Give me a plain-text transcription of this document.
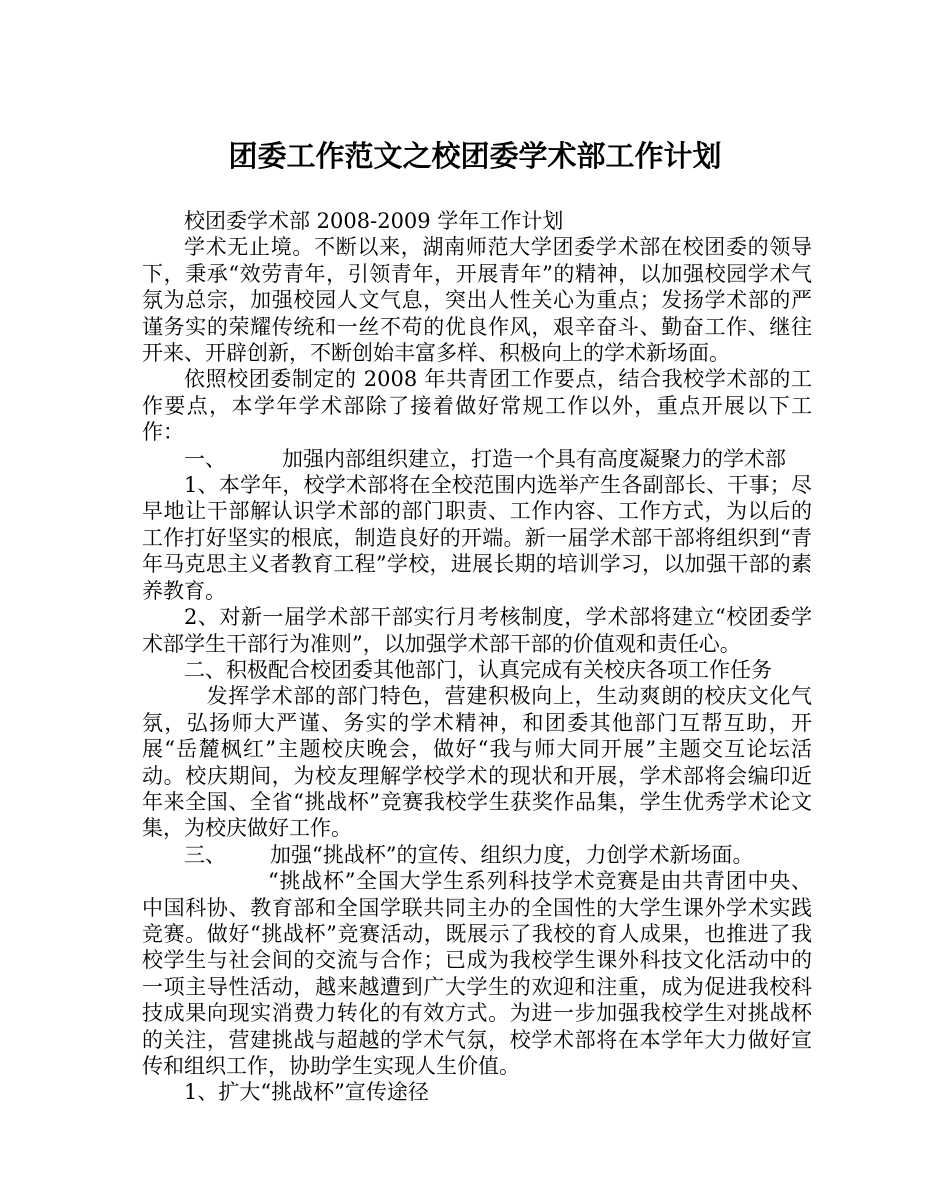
团委工作范文之校团委学术部工作计划

校团委学术部 2008-2009 学年工作计划

学术无止境。不断以来，湖南师范大学团委学术部在校团委的领导下，秉承“效劳青年，引领青年，开展青年”的精神，以加强校园学术气氛为总宗，加强校园人文气息，突出人性关心为重点；发扬学术部的严谨务实的荣耀传统和一丝不苟的优良作风，艰辛奋斗、勤奋工作、继往开来、开辟创新，不断创始丰富多样、积极向上的学术新场面。

依照校团委制定的 2008 年共青团工作要点，结合我校学术部的工作要点，本学年学术部除了接着做好常规工作以外，重点开展以下工作：

一、	加强内部组织建立，打造一个具有高度凝聚力的学术部

1、本学年，校学术部将在全校范围内选举产生各副部长、干事；尽早地让干部解认识学术部的部门职责、工作内容、工作方式，为以后的工作打好坚实的根底，制造良好的开端。新一届学术部干部将组织到“青年马克思主义者教育工程”学校，进展长期的培训学习，以加强干部的素养教育。

2、对新一届学术部干部实行月考核制度，学术部将建立“校团委学术部学生干部行为准则”，以加强学术部干部的价值观和责任心。

二、积极配合校团委其他部门，认真完成有关校庆各项工作任务

发挥学术部的部门特色，营建积极向上，生动爽朗的校庆文化气氛，弘扬师大严谨、务实的学术精神，和团委其他部门互帮互助，开展“岳麓枫红”主题校庆晚会，做好“我与师大同开展”主题交互论坛活动。校庆期间，为校友理解学校学术的现状和开展，学术部将会编印近年来全国、全省“挑战杯”竞赛我校学生获奖作品集，学生优秀学术论文集，为校庆做好工作。

三、 加强“挑战杯”的宣传、组织力度，力创学术新场面。

“挑战杯”全国大学生系列科技学术竞赛是由共青团中央、中国科协、教育部和全国学联共同主办的全国性的大学生课外学术实践竞赛。做好“挑战杯”竞赛活动，既展示了我校的育人成果，也推进了我校学生与社会间的交流与合作；已成为我校学生课外科技文化活动中的一项主导性活动，越来越遭到广大学生的欢迎和注重，成为促进我校科技成果向现实消费力转化的有效方式。为进一步加强我校学生对挑战杯的关注，营建挑战与超越的学术气氛，校学术部将在本学年大力做好宣传和组织工作，协助学生实现人生价值。

1、扩大“挑战杯”宣传途径
